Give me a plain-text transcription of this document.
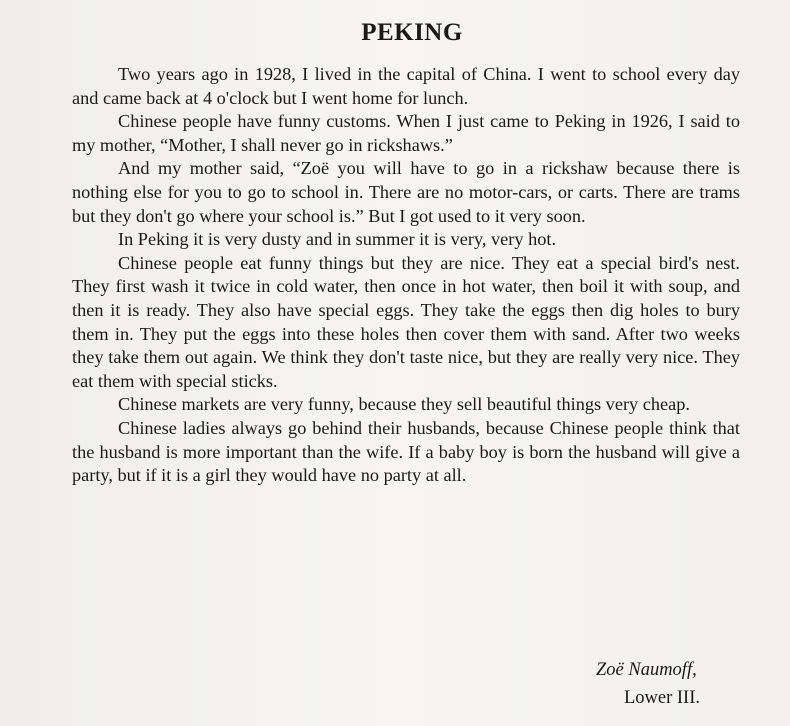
PEKING

Two years ago in 1928, I lived in the capital of China. I went to school every day and came back at 4 o'clock but I went home for lunch.

Chinese people have funny customs. When I just came to Peking in 1926, I said to my mother, “Mother, I shall never go in rickshaws.”

And my mother said, “Zoë you will have to go in a rickshaw because there is nothing else for you to go to school in. There are no motor-cars, or carts. There are trams but they don't go where your school is.” But I got used to it very soon.

In Peking it is very dusty and in summer it is very, very hot.

Chinese people eat funny things but they are nice. They eat a special bird's nest. They first wash it twice in cold water, then once in hot water, then boil it with soup, and then it is ready. They also have special eggs. They take the eggs then dig holes to bury them in. They put the eggs into these holes then cover them with sand. After two weeks they take them out again. We think they don't taste nice, but they are really very nice. They eat them with special sticks.

Chinese markets are very funny, because they sell beautiful things very cheap.

Chinese ladies always go behind their husbands, because Chinese people think that the husband is more important than the wife. If a baby boy is born the husband will give a party, but if it is a girl they would have no party at all.

Zoë Naumoff,
Lower III.
